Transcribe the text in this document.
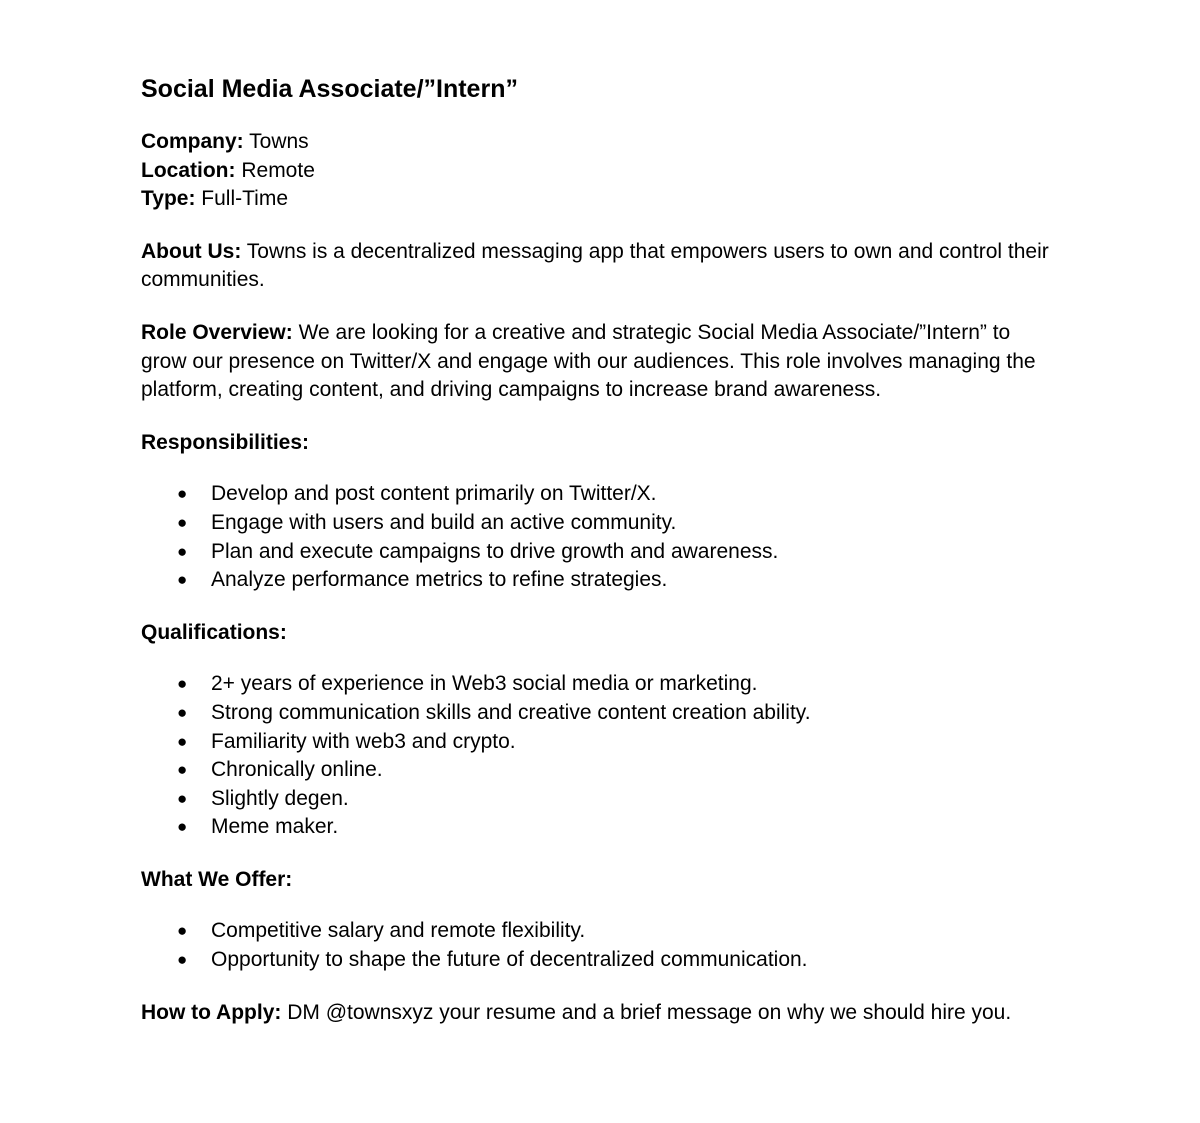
Social Media Associate/”Intern”
Company: Towns
Location: Remote
Type: Full-Time
About Us: Towns is a decentralized messaging app that empowers users to own and control their communities.
Role Overview: We are looking for a creative and strategic Social Media Associate/”Intern” to grow our presence on Twitter/X and engage with our audiences. This role involves managing the platform, creating content, and driving campaigns to increase brand awareness.
Responsibilities:
● Develop and post content primarily on Twitter/X.
● Engage with users and build an active community.
● Plan and execute campaigns to drive growth and awareness.
● Analyze performance metrics to refine strategies.
Qualifications:
● 2+ years of experience in Web3 social media or marketing.
● Strong communication skills and creative content creation ability.
● Familiarity with web3 and crypto.
● Chronically online.
● Slightly degen.
● Meme maker.
What We Offer:
● Competitive salary and remote flexibility.
● Opportunity to shape the future of decentralized communication.
How to Apply: DM @townsxyz your resume and a brief message on why we should hire you.
